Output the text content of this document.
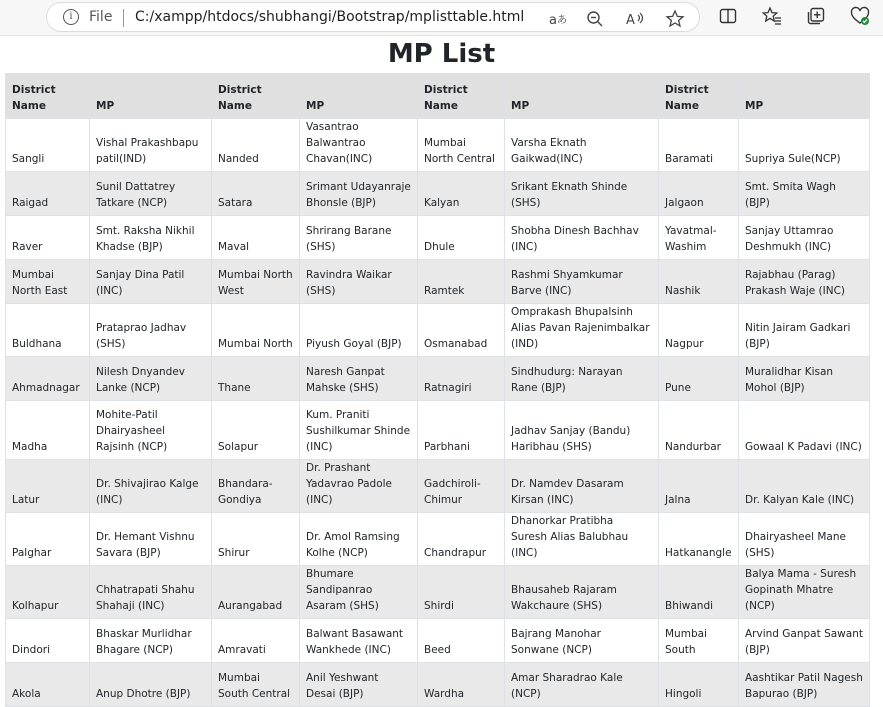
i	File C:/xampp/htdocs/shubhangi/Bootstrap/mplisttable.html a あ	A
MP List
District Name	MP	District Name	MP	District Name	MP	District Name	MP
Sangli	Vishal Prakashbapu patil(IND)	Nanded	Vasantrao Balwantrao Chavan(INC)	Mumbai North Central	Varsha Eknath Gaikwad(INC)	Baramati	Supriya Sule(NCP)
Raigad	Sunil Dattatrey Tatkare (NCP)	Satara	Srimant Udayanraje Bhonsle (BJP)	Kalyan	Srikant Eknath Shinde (SHS)	Jalgaon	Smt. Smita Wagh (BJP)
Raver	Smt. Raksha Nikhil Khadse (BJP)	Maval	Shrirang Barane (SHS)	Dhule	Shobha Dinesh Bachhav (INC)	Yavatmal-Washim	Sanjay Uttamrao Deshmukh (INC)
Mumbai North East	Sanjay Dina Patil (INC)	Mumbai North West	Ravindra Waikar (SHS)	Ramtek	Rashmi Shyamkumar Barve (INC)	Nashik	Rajabhau (Parag) Prakash Waje (INC)
Buldhana	Prataprao Jadhav (SHS)	Mumbai North	Piyush Goyal (BJP)	Osmanabad	Omprakash Bhupalsinh Alias Pavan Rajenimbalkar (IND)	Nagpur	Nitin Jairam Gadkari (BJP)
Ahmadnagar	Nilesh Dnyandev Lanke (NCP)	Thane	Naresh Ganpat Mahske (SHS)	Ratnagiri	Sindhudurg: Narayan Rane (BJP)	Pune	Muralidhar Kisan Mohol (BJP)
Madha	Mohite-Patil Dhairyasheel Rajsinh (NCP)	Solapur	Kum. Praniti Sushilkumar Shinde (INC)	Parbhani	Jadhav Sanjay (Bandu) Haribhau (SHS)	Nandurbar	Gowaal K Padavi (INC)
Latur	Dr. Shivajirao Kalge (INC)	Bhandara-Gondiya	Dr. Prashant Yadavrao Padole (INC)	Gadchiroli-Chimur	Dr. Namdev Dasaram Kirsan (INC)	Jalna	Dr. Kalyan Kale (INC)
Palghar	Dr. Hemant Vishnu Savara (BJP)	Shirur	Dr. Amol Ramsing Kolhe (NCP)	Chandrapur	Dhanorkar Pratibha Suresh Alias Balubhau (INC)	Hatkanangle	Dhairyasheel Mane (SHS)
Kolhapur	Chhatrapati Shahu Shahaji (INC)	Aurangabad	Bhumare Sandipanrao Asaram (SHS)	Shirdi	Bhausaheb Rajaram Wakchaure (SHS)	Bhiwandi	Balya Mama - Suresh Gopinath Mhatre (NCP)
Dindori	Bhaskar Murlidhar Bhagare (NCP)	Amravati	Balwant Basawant Wankhede (INC)	Beed	Bajrang Manohar Sonwane (NCP)	Mumbai South	Arvind Ganpat Sawant (BJP)
Akola	Anup Dhotre (BJP)	Mumbai South Central	Anil Yeshwant Desai (BJP)	Wardha	Amar Sharadrao Kale (NCP)	Hingoli	Aashtikar Patil Nagesh Bapurao (BJP)
